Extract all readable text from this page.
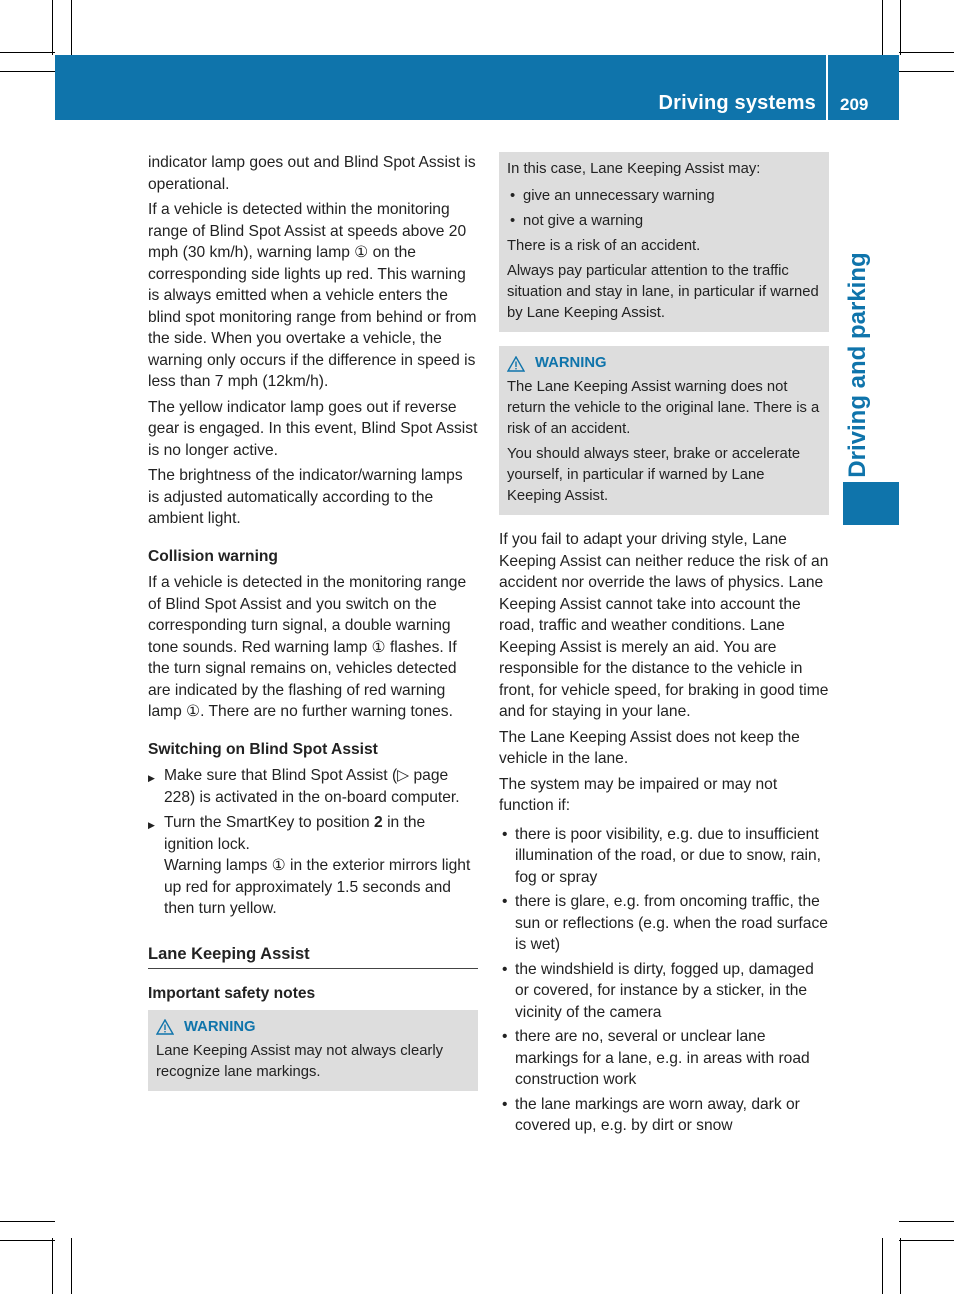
Driving systems 209
Driving and parking

indicator lamp goes out and Blind Spot Assist is operational.

If a vehicle is detected within the monitoring range of Blind Spot Assist at speeds above 20 mph (30 km/h), warning lamp ① on the corresponding side lights up red. This warning is always emitted when a vehicle enters the blind spot monitoring range from behind or from the side. When you overtake a vehicle, the warning only occurs if the difference in speed is less than 7 mph (12km/h).

The yellow indicator lamp goes out if reverse gear is engaged. In this event, Blind Spot Assist is no longer active.

The brightness of the indicator/warning lamps is adjusted automatically according to the ambient light.

Collision warning

If a vehicle is detected in the monitoring range of Blind Spot Assist and you switch on the corresponding turn signal, a double warning tone sounds. Red warning lamp ① flashes. If the turn signal remains on, vehicles detected are indicated by the flashing of red warning lamp ①. There are no further warning tones.

Switching on Blind Spot Assist
▶ Make sure that Blind Spot Assist (▷ page 228) is activated in the on-board computer.
▶ Turn the SmartKey to position 2 in the ignition lock.
Warning lamps ① in the exterior mirrors light up red for approximately 1.5 seconds and then turn yellow.
Lane Keeping Assist
Important safety notes
WARNING

Lane Keeping Assist may not always clearly recognize lane markings.

In this case, Lane Keeping Assist may:

• give an unnecessary warning
• not give a warning

There is a risk of an accident.

Always pay particular attention to the traffic situation and stay in lane, in particular if warned by Lane Keeping Assist.

WARNING

The Lane Keeping Assist warning does not return the vehicle to the original lane. There is a risk of an accident.

You should always steer, brake or accelerate yourself, in particular if warned by Lane Keeping Assist.

If you fail to adapt your driving style, Lane Keeping Assist can neither reduce the risk of an accident nor override the laws of physics. Lane Keeping Assist cannot take into account the road, traffic and weather conditions. Lane Keeping Assist is merely an aid. You are responsible for the distance to the vehicle in front, for vehicle speed, for braking in good time and for staying in your lane.

The Lane Keeping Assist does not keep the vehicle in the lane.

The system may be impaired or may not function if:

• there is poor visibility, e.g. due to insufficient illumination of the road, or due to snow, rain, fog or spray
• there is glare, e.g. from oncoming traffic, the sun or reflections (e.g. when the road surface is wet)
• the windshield is dirty, fogged up, damaged or covered, for instance by a sticker, in the vicinity of the camera
• there are no, several or unclear lane markings for a lane, e.g. in areas with road construction work
• the lane markings are worn away, dark or covered up, e.g. by dirt or snow
